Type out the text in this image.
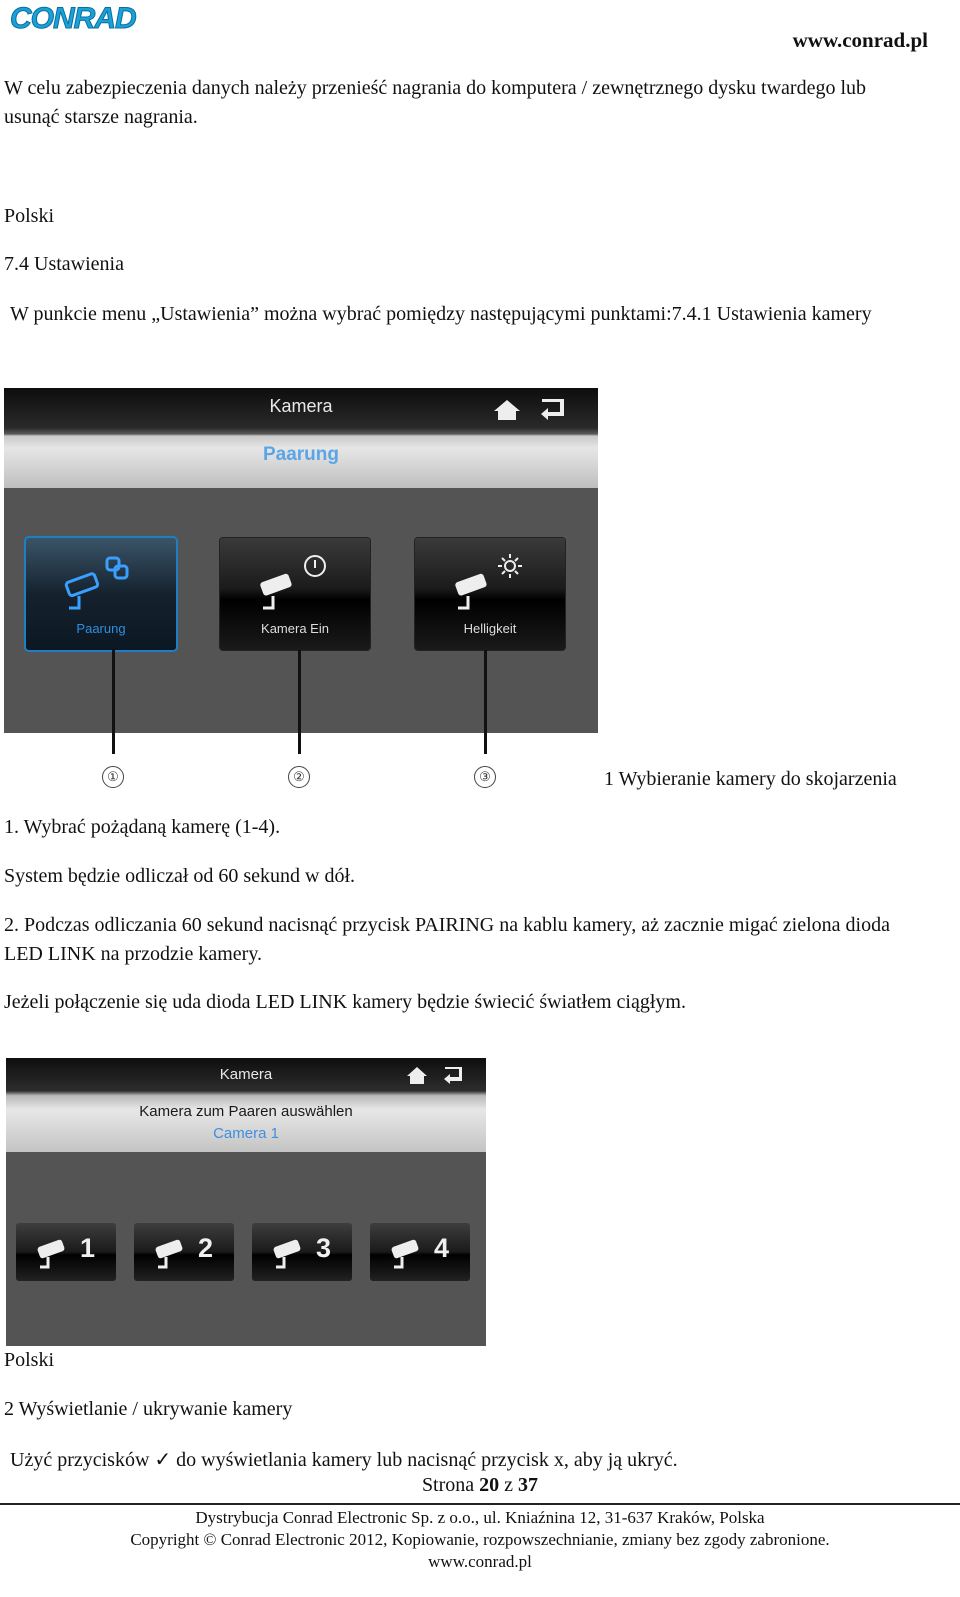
CONRAD
www.conrad.pl
W celu zabezpieczenia danych należy przenieść nagrania do komputera / zewnętrznego dysku twardego lub usunąć starsze nagrania.
Polski
7.4 Ustawienia
W punkcie menu „Ustawienia” można wybrać pomiędzy następującymi punktami:7.4.1 Ustawienia kamery
Kamera
Paarung
Paarung	Kamera Ein	Helligkeit
①	②	③	1 Wybieranie kamery do skojarzenia
1. Wybrać pożądaną kamerę (1-4).
System będzie odliczał od 60 sekund w dół.
2. Podczas odliczania 60 sekund nacisnąć przycisk PAIRING na kablu kamery, aż zacznie migać zielona dioda LED LINK na przodzie kamery.
Jeżeli połączenie się uda dioda LED LINK kamery będzie świecić światłem ciągłym.
Kamera
Kamera zum Paaren auswählen
Camera 1
1	2	3	4
Polski
2 Wyświetlanie / ukrywanie kamery
Użyć przycisków ✓ do wyświetlania kamery lub nacisnąć przycisk x, aby ją ukryć.
Strona 20 z 37
Dystrybucja Conrad Electronic Sp. z o.o., ul. Kniaźnina 12, 31-637 Kraków, Polska
Copyright © Conrad Electronic 2012, Kopiowanie, rozpowszechnianie, zmiany bez zgody zabronione.
www.conrad.pl
